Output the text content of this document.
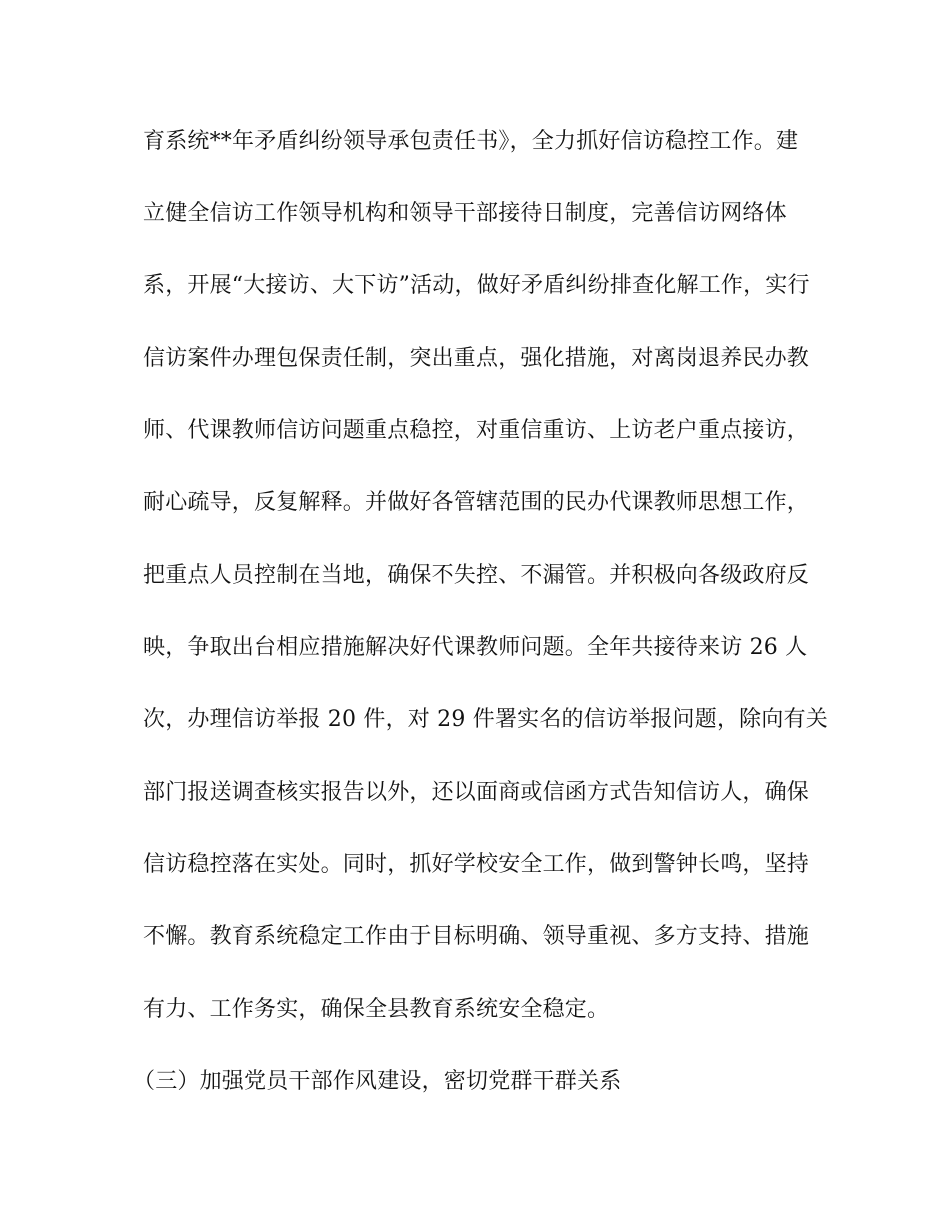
育系统**年矛盾纠纷领导承包责任书》，全力抓好信访稳控工作。建
立健全信访工作领导机构和领导干部接待日制度，完善信访网络体
系，开展“大接访、大下访”活动，做好矛盾纠纷排查化解工作，实行
信访案件办理包保责任制，突出重点，强化措施，对离岗退养民办教
师、代课教师信访问题重点稳控，对重信重访、上访老户重点接访，
耐心疏导，反复解释。并做好各管辖范围的民办代课教师思想工作，
把重点人员控制在当地，确保不失控、不漏管。并积极向各级政府反
映，争取出台相应措施解决好代课教师问题。全年共接待来访 26 人
次，办理信访举报 20 件，对 29 件署实名的信访举报问题，除向有关
部门报送调查核实报告以外，还以面商或信函方式告知信访人，确保
信访稳控落在实处。同时，抓好学校安全工作，做到警钟长鸣，坚持
不懈。教育系统稳定工作由于目标明确、领导重视、多方支持、措施
有力、工作务实，确保全县教育系统安全稳定。
（三）加强党员干部作风建设，密切党群干群关系
